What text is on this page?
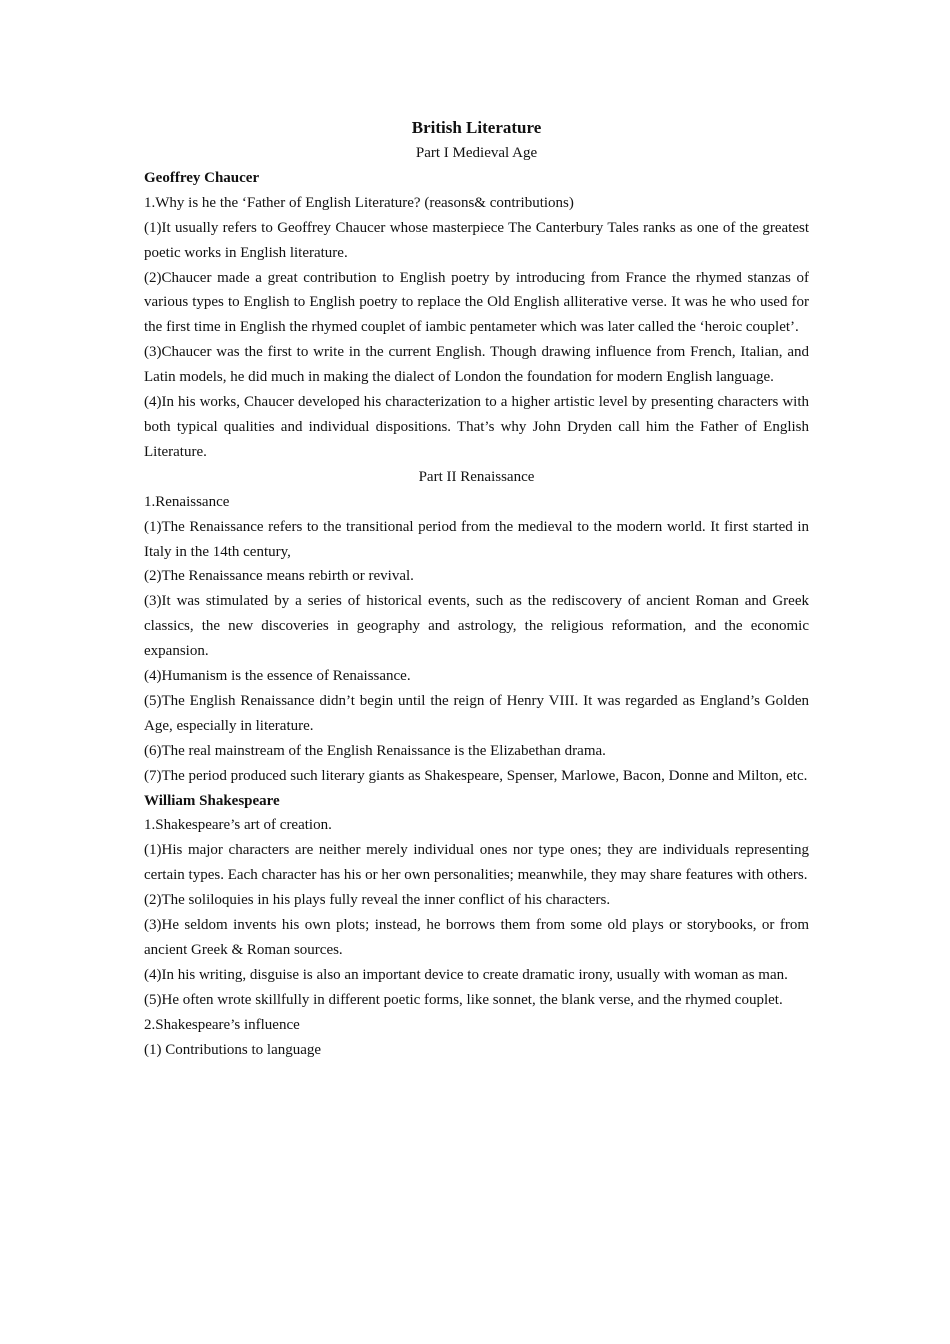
British Literature
Part I Medieval Age
Geoffrey Chaucer
1.Why is he the ‘Father of English Literature? (reasons& contributions)
(1)It usually refers to Geoffrey Chaucer whose masterpiece The Canterbury Tales ranks as one of the greatest poetic works in English literature.
(2)Chaucer made a great contribution to English poetry by introducing from France the rhymed stanzas of various types to English to English poetry to replace the Old English alliterative verse. It was he who used for the first time in English the rhymed couplet of iambic pentameter which was later called the ‘heroic couplet’.
(3)Chaucer was the first to write in the current English. Though drawing influence from French, Italian, and Latin models, he did much in making the dialect of London the foundation for modern English language.
(4)In his works, Chaucer developed his characterization to a higher artistic level by presenting characters with both typical qualities and individual dispositions. That’s why John Dryden call him the Father of English Literature.
Part II Renaissance
1.Renaissance
(1)The Renaissance refers to the transitional period from the medieval to the modern world. It first started in Italy in the 14th century,
(2)The Renaissance means rebirth or revival.
(3)It was stimulated by a series of historical events, such as the rediscovery of ancient Roman and Greek classics, the new discoveries in geography and astrology, the religious reformation, and the economic expansion.
(4)Humanism is the essence of Renaissance.
(5)The English Renaissance didn’t begin until the reign of Henry VIII. It was regarded as England’s Golden Age, especially in literature.
(6)The real mainstream of the English Renaissance is the Elizabethan drama.
(7)The period produced such literary giants as Shakespeare, Spenser, Marlowe, Bacon, Donne and Milton, etc.
William Shakespeare
1.Shakespeare’s art of creation.
(1)His major characters are neither merely individual ones nor type ones; they are individuals representing certain types. Each character has his or her own personalities; meanwhile, they may share features with others.
(2)The soliloquies in his plays fully reveal the inner conflict of his characters.
(3)He seldom invents his own plots; instead, he borrows them from some old plays or storybooks, or from ancient Greek & Roman sources.
(4)In his writing, disguise is also an important device to create dramatic irony, usually with woman as man.
(5)He often wrote skillfully in different poetic forms, like sonnet, the blank verse, and the rhymed couplet.
2.Shakespeare’s influence
(1) Contributions to language
